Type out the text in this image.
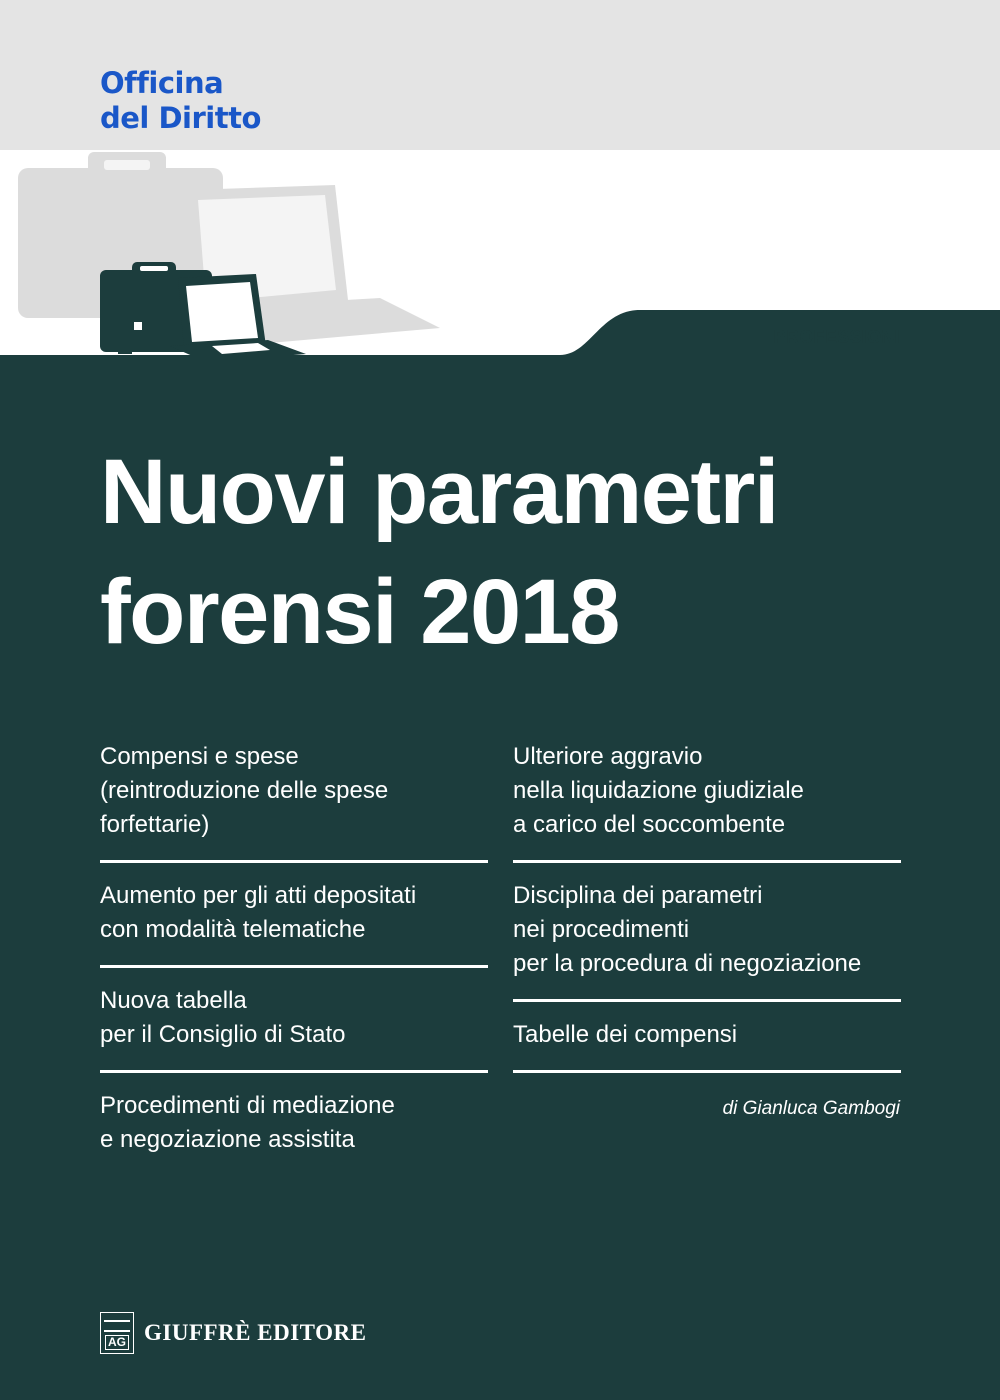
Officina
del Diritto
PROFESSIONI
Nuovi parametri
forensi 2018
Compensi e spese
(reintroduzione delle spese
forfettarie)
Aumento per gli atti depositati
con modalità telematiche
Nuova tabella
per il Consiglio di Stato
Procedimenti di mediazione
e negoziazione assistita
Ulteriore aggravio
nella liquidazione giudiziale
a carico del soccombente
Disciplina dei parametri
nei procedimenti
per la procedura di negoziazione
Tabelle dei compensi
di Gianluca Gambogi
AG GIUFFRÈ EDITORE
